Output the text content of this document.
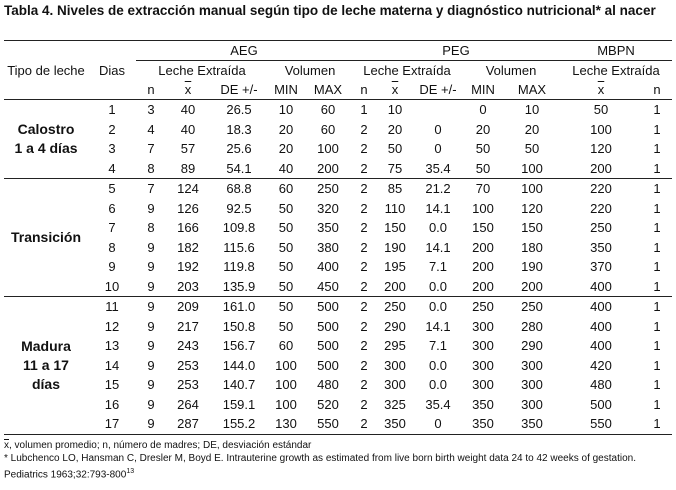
Tabla 4. Niveles de extracción manual según tipo de leche materna y diagnóstico nutricional* al nacer
Tipo de leche		AEG					PEG					MBPN	
	Dias	Leche Extraída			Volumen		Leche Extraída			Volumen		Leche Extraída	
		n	$\overline{x}$	DE +/-	MIN	MAX	n	$\overline{x}$	DE +/-	MIN	MAX	$\overline{x}$	n

Calostro
1 a 4 días	1	3	40	26.5	10	60	1	10		0	10	50	1
	2	4	40	18.3	20	60	2	20	0	20	20	100	1
	3	7	57	25.6	20	100	2	50	0	50	50	120	1
	4	8	89	54.1	40	200	2	75	35.4	50	100	200	1

Transición	5	7	124	68.8	60	250	2	85	21.2	70	100	220	1
	6	9	126	92.5	50	320	2	110	14.1	100	120	220	1
	7	8	166	109.8	50	350	2	150	0.0	150	150	250	1
	8	9	182	115.6	50	380	2	190	14.1	200	180	350	1
	9	9	192	119.8	50	400	2	195	7.1	200	190	370	1
	10	9	203	135.9	50	450	2	200	0.0	200	200	400	1

Madura
11 a 17
días	11	9	209	161.0	50	500	2	250	0.0	250	250	400	1
	12	9	217	150.8	50	500	2	290	14.1	300	280	400	1
	13	9	243	156.7	60	500	2	295	7.1	300	290	400	1
	14	9	253	144.0	100	500	2	300	0.0	300	300	420	1
	15	9	253	140.7	100	480	2	300	0.0	300	300	480	1
	16	9	264	159.1	100	520	2	325	35.4	350	300	500	1
	17	9	287	155.2	130	550	2	350	0	350	350	550	1
$\overline{x}$, volumen promedio; n, número de madres; DE, desviación estándar
* Lubchenco LO, Hansman C, Dresler M, Boyd E. Intrauterine growth as estimated from live born birth weight data 24 to 42 weeks of gestation.
Pediatrics $1963;32:793-800^{13}$
